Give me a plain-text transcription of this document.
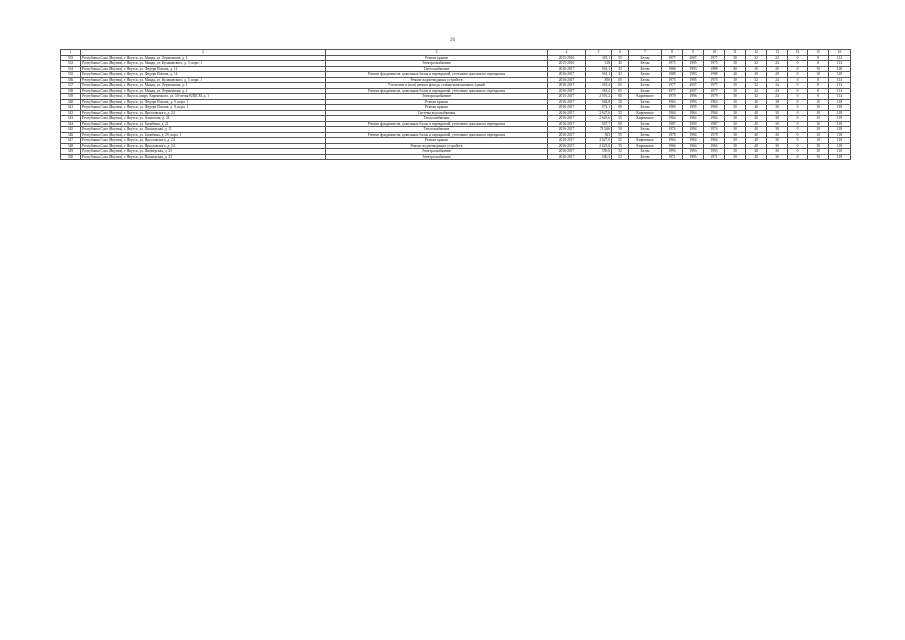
26
1	2	3	4	5	6	7	8	9	10	11	12	13	14	15	16
333	Республика Саха (Якутия), г. Якутск, ул. Мяндя, ул. Лермонтова, д. 1	Ремонт крыши	2015-2016	318,1	55	Бетон	1977	2007	1977	30	32	24	0	8	114
333	Республика Саха (Якутия), г. Якутск, ул. Мяндя, ул. Кулаковского, д. 3, корп. 1	Электроснабжение	2015-2016	318	45	Бетон	1975	1995	1975	30	32	24	0	8	114
334	Республика Саха (Якутия), г. Якутск, ул. Федора Попова, д. 14	Теплоснабжение	2016-2017	561,1	43	Бетон	1988	1993	1988	40	30	20	0	10	120
335	Республика Саха (Якутия), г. Якутск, ул. Федора Попова, д. 14	Ремонт фундаментов, цокольных балок и перекрытий, утепление цокольного перекрытия	2016-2017	561,1	43	Бетон	1988	1993	1988	40	30	20	0	10	120
336	Республика Саха (Якутия), г. Якутск, ул. Мяндя, ул. Кулаковского, д. 3, корп. 1	Ремонт водоотводящих устройств	2016-2017	850	60	Бетон	1975	1995	1975	30	32	24	0	8	114
337	Республика Саха (Якутия), г. Якутск, ул. Мяндя, ул. Лермонтова, д. 1	Утепление и (или) ремонт фасада, ставни выполненных зданий	2016-2017	318,4	65	Бетон	1977	2007	1977	30	32	24	0	8	114
338	Республика Саха (Якутия), г. Якутск, ул. Мяндя, ул. Лермонтова, д. 1	Ремонт фундаментов, цокольных балок и перекрытий, утепление цокольного перекрытия	2016-2017	318,4	65	Бетон	1977	2007	1977	30	32	24	0	8	114
339	Республика Саха (Якутия), г. Якутск, кварт. Кирпичного, ул. 50-летия ВЛКСМ, д. 1	Электроснабжение	2015-2017	2 591,2	80	Кирпичное	1979	1996	1979	30	32	24	0	8	114
340	Республика Саха (Якутия), г. Якутск, ул. Федора Попова, д. 9, корп. 1	Ремонт крыши	2016-2017	562,8	50	Бетон	1963	1993	1963	30	40	30	0	10	118
341	Республика Саха (Якутия), г. Якутск, ул. Федора Попова, д. 9, корп. 1	Ремонт крыши	2016-2017	572,1	80	Бетон	1980	1995	1980	30	40	30	0	10	118
342	Республика Саха (Якутия), г. Якутск, ул. Ярославского, д. 24	Система водоснабжения	2016-2017	2 627,6	55	Кирпичное	1964	1964	1964	30	40	30	0	10	118
343	Республика Саха (Якутия), г. Якутск, ул. Аммосова, д. 24	Теплоснабжение	2016-2017	2 623,6	55	Кирпичное	1964	1964	1964	30	40	30	0	10	118
344	Республика Саха (Якутия), г. Якутск, ул. Билибина, д. 21	Ремонт фундаментов, цокольных балок и перекрытий, утепление цокольного перекрытия	2016-2017	547,7	60	Бетон	1987	1994	1987	30	40	30	0	10	118
345	Республика Саха (Якутия), г. Якутск, ул. Пионерская, д. 11	Теплоснабжение	2016-2017	713,66	50	Бетон	1974	1994	1974	30	40	30	0	10	118
346	Республика Саха (Якутия), г. Якутск, ул. Билибина, д. 29, корп. 1	Ремонт фундаментов, цокольных балок и перекрытий, утепление цокольного перекрытия	2016-2017	563	55	Бетон	1978	1994	1978	30	40	30	0	10	118
347	Республика Саха (Якутия), г. Якутск, ул. Ярославского, д. 24	Ремонт крыши	2016-2017	2 627,6	55	Кирпичное	1964	1964	1964	30	40	30	0	10	118
348	Республика Саха (Якутия), г. Якутск, ул. Ярославского, д. 24	Ремонт водоотводящих устройств	2016-2017	2 623,6	55	Кирпичное	1964	1964	1964	30	40	30	0	10	118
349	Республика Саха (Якутия), г. Якутск, ул. Пионерская, д. 23	Электроснабжение	2016-2017	359,6	52	Бетон	1993	1993	1993	30	40	30	0	10	118
350	Республика Саха (Якутия), г. Якутск, ул. Пионерская, д. 23	Электроснабжение	2016-2017	540,3	52	Бетон	1971	1995	1971	30	40	30	0	10	118
